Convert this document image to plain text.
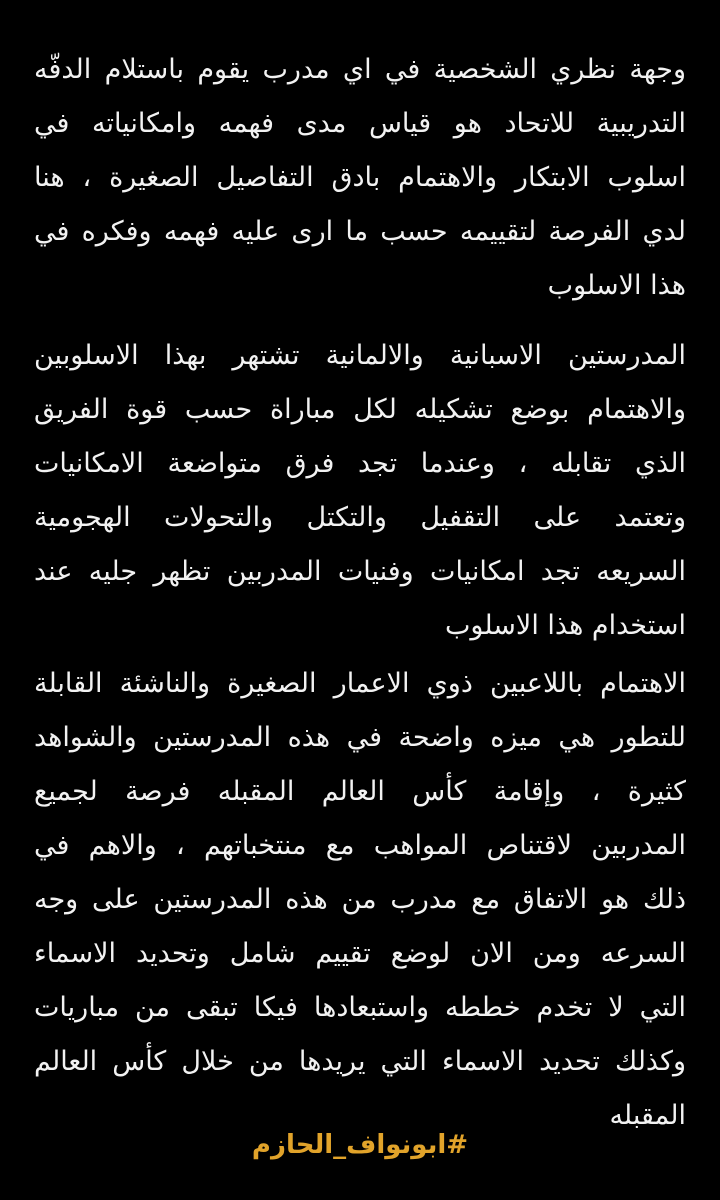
وجهة نظري الشخصية في اي مدرب يقوم باستلام الدفّه
التدريبية للاتحاد هو قياس مدى فهمه وامكانياته في
اسلوب الابتكار والاهتمام بادق التفاصيل الصغيرة ، هنا
لدي الفرصة لتقييمه حسب ما ارى عليه فهمه وفكره في
هذا الاسلوب
المدرستين الاسبانية والالمانية تشتهر بهذا الاسلوبين
والاهتمام بوضع تشكيله لكل مباراة حسب قوة الفريق
الذي تقابله ، وعندما تجد فرق متواضعة الامكانيات
وتعتمد على التقفيل والتكتل والتحولات الهجومية
السريعه تجد امكانيات وفنيات المدربين تظهر جليه عند
استخدام هذا الاسلوب
الاهتمام باللاعبين ذوي الاعمار الصغيرة والناشئة القابلة
للتطور هي ميزه واضحة في هذه المدرستين والشواهد
كثيرة ، وإقامة كأس العالم المقبله فرصة لجميع
المدربين لاقتناص المواهب مع منتخباتهم ، والاهم في
ذلك هو الاتفاق مع مدرب من هذه المدرستين على وجه
السرعه ومن الان لوضع تقييم شامل وتحديد الاسماء
التي لا تخدم خططه واستبعادها فيكا تبقى من مباريات
وكذلك تحديد الاسماء التي يريدها من خلال كأس العالم
المقبله
#ابونواف_الحازم
